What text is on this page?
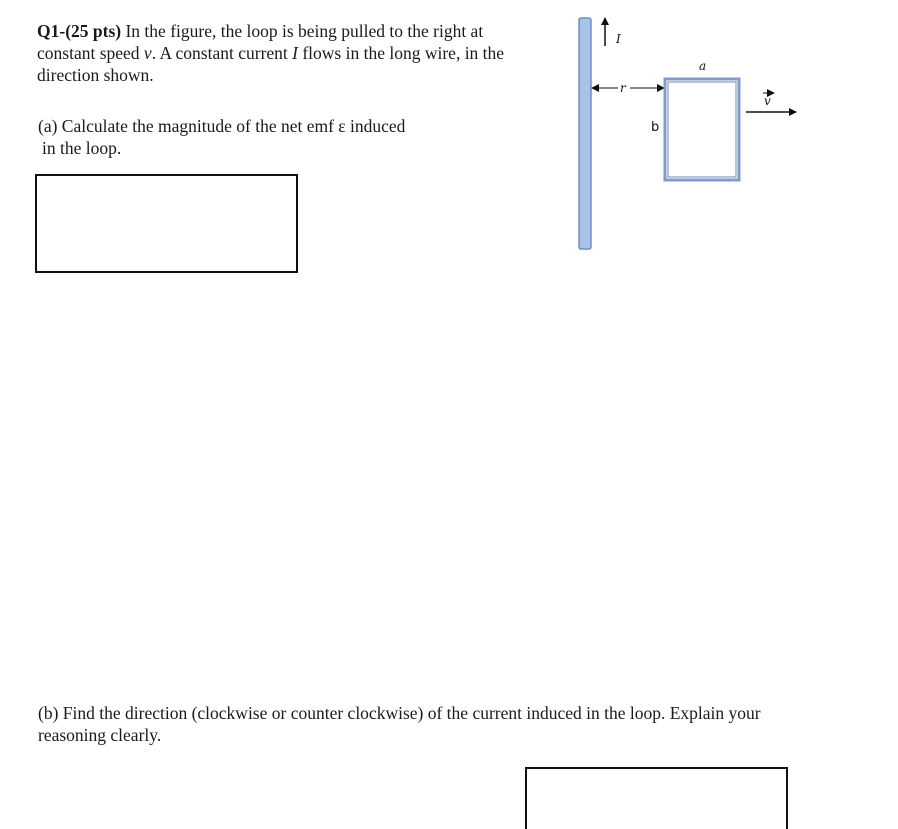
Q1-(25 pts) In the figure, the loop is being pulled to the right at constant speed v. A constant current I flows in the long wire, in the direction shown.
(a) Calculate the magnitude of the net emf ε induced
in the loop.
I
r
a
b
v
(b) Find the direction (clockwise or counter clockwise) of the current induced in the loop. Explain your reasoning clearly.
